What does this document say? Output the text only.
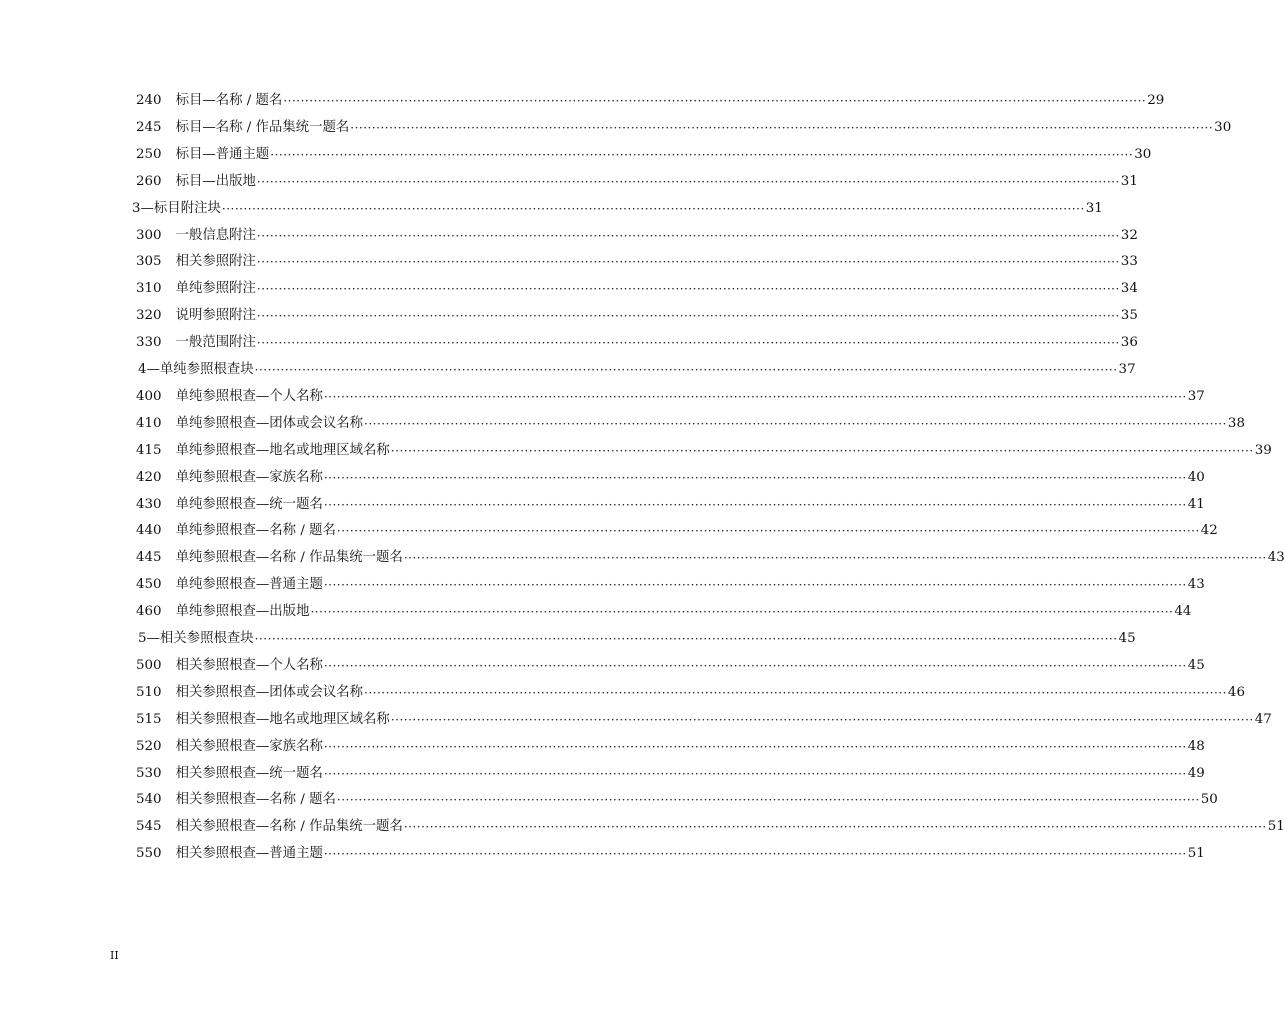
240 标目—名称 / 题名 ········································································································································································································ 29
245 标目—名称 / 作品集统一题名 ········································································································································································································ 30
250 标目—普通主题 ········································································································································································································ 30
260 标目—出版地 ········································································································································································································ 31
3—标目附注块 ········································································································································································································ 31
300 一般信息附注 ········································································································································································································ 32
305 相关参照附注 ········································································································································································································ 33
310 单纯参照附注 ········································································································································································································ 34
320 说明参照附注 ········································································································································································································ 35
330 一般范围附注 ········································································································································································································ 36
4—单纯参照根查块 ········································································································································································································ 37
400 单纯参照根查—个人名称 ········································································································································································································ 37
410 单纯参照根查—团体或会议名称 ········································································································································································································ 38
415 单纯参照根查—地名或地理区域名称 ········································································································································································································ 39
420 单纯参照根查—家族名称 ········································································································································································································ 40
430 单纯参照根查—统一题名 ········································································································································································································ 41
440 单纯参照根查—名称 / 题名 ········································································································································································································ 42
445 单纯参照根查—名称 / 作品集统一题名 ········································································································································································································ 43
450 单纯参照根查—普通主题 ········································································································································································································ 43
460 单纯参照根查—出版地 ········································································································································································································ 44
5—相关参照根查块 ········································································································································································································ 45
500 相关参照根查—个人名称 ········································································································································································································ 45
510 相关参照根查—团体或会议名称 ········································································································································································································ 46
515 相关参照根查—地名或地理区域名称 ········································································································································································································ 47
520 相关参照根查—家族名称 ········································································································································································································ 48
530 相关参照根查—统一题名 ········································································································································································································ 49
540 相关参照根查—名称 / 题名 ········································································································································································································ 50
545 相关参照根查—名称 / 作品集统一题名 ········································································································································································································ 51
550 相关参照根查—普通主题 ········································································································································································································ 51
II
